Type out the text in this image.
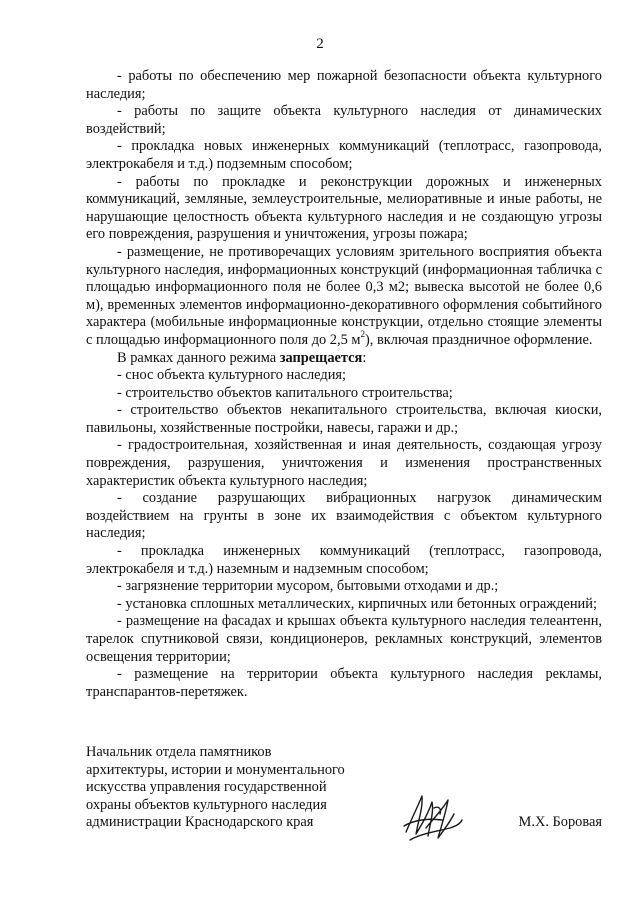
2

- работы по обеспечению мер пожарной безопасности объекта культурного наследия;

- работы по защите объекта культурного наследия от динамических воздействий;

- прокладка новых инженерных коммуникаций (теплотрасс, газопровода, электрокабеля и т.д.) подземным способом;

- работы по прокладке и реконструкции дорожных и инженерных коммуникаций, земляные, землеустроительные, мелиоративные и иные работы, не нарушающие целостность объекта культурного наследия и не создающую угрозы его повреждения, разрушения и уничтожения, угрозы пожара;

- размещение, не противоречащих условиям зрительного восприятия объекта культурного наследия, информационных конструкций (информационная табличка с площадью информационного поля не более 0,3 м2; вывеска высотой не более 0,6 м), временных элементов информационно-декоративного оформления событийного характера (мобильные информационные конструкции, отдельно стоящие элементы с площадью информационного поля до 2,5 $м^2$), включая праздничное оформление.

В рамках данного режима запрещается:

- снос объекта культурного наследия;

- строительство объектов капитального строительства;

- строительство объектов некапитального строительства, включая киоски, павильоны, хозяйственные постройки, навесы, гаражи и др.;

- градостроительная, хозяйственная и иная деятельность, создающая угрозу повреждения, разрушения, уничтожения и изменения пространственных характеристик объекта культурного наследия;

- создание разрушающих вибрационных нагрузок динамическим воздействием на грунты в зоне их взаимодействия с объектом культурного наследия;

- прокладка инженерных коммуникаций (теплотрасс, газопровода, электрокабеля и т.д.) наземным и надземным способом;

- загрязнение территории мусором, бытовыми отходами и др.;

- установка сплошных металлических, кирпичных или бетонных ограждений;

- размещение на фасадах и крышах объекта культурного наследия телеантенн, тарелок спутниковой связи, кондиционеров, рекламных конструкций, элементов освещения территории;

- размещение на территории объекта культурного наследия рекламы, транспарантов-перетяжек.

Начальник отдела памятников
архитектуры, истории и монументального
искусства управления государственной
охраны объектов культурного наследия
администрации Краснодарского края	М.Х. Боровая
